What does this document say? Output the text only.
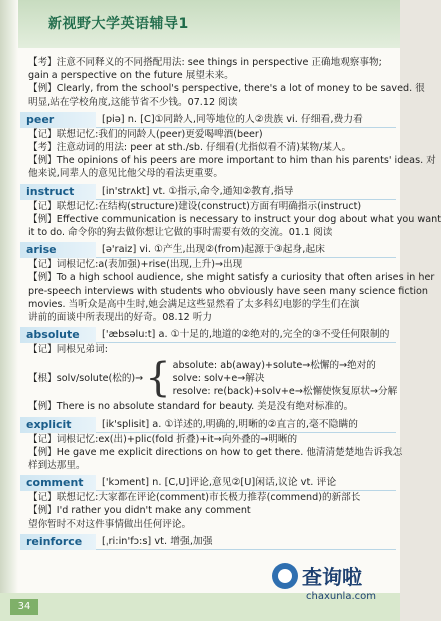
新视野大学英语辅导1
【考】注意不同释义的不同搭配用法: see things in perspective 正确地观察事物;
gain a perspective on the future 展望未来。
【例】Clearly, from the school's perspective, there's a lot of money to be saved. 很
明显,站在学校角度,这能节省不少钱。07.12 阅读
peer	[piə] n. [C]①同龄人,同等地位的人②贵族 vi. 仔细看,费力看
【记】联想记忆:我们的同龄人(peer)更爱喝啤酒(beer)
【考】注意动词的用法: peer at sth./sb. 仔细看(尤指似看不清)某物/某人。
【例】The opinions of his peers are more important to him than his parents' ideas. 对
他来说,同辈人的意见比他父母的看法更重要。
instruct	[in'strʌkt] vt. ①指示,命令,通知②教育,指导
【记】联想记忆:在结构(structure)建设(construct)方面有明确指示(instruct)
【例】Effective communication is necessary to instruct your dog about what you want
it to do. 命令你的狗去做你想让它做的事时需要有效的交流。01.1 阅读
arise	[ə'raiz] vi. ①产生,出现②(from)起源于③起身,起床
【记】词根记忆:a(表加强)+rise(出现,上升)→出现
【例】To a high school audience, she might satisfy a curiosity that often arises in her
pre-speech interviews with students who obviously have seen many science fiction
movies. 当听众是高中生时,她会满足这些显然看了太多科幻电影的学生们在演
讲前的面谈中所表现出的好奇。08.12 听力
absolute	['æbsəlu:t] a. ①十足的,地道的②绝对的,完全的③不受任何限制的
【记】同根兄弟词:
【根】solv/solute(松的)→ { absolute: ab(away)+solute→松懈的→绝对的
solve: solv+e→解决
resolve: re(back)+solv+e→松懈使恢复原状→分解
【例】There is no absolute standard for beauty. 美是没有绝对标准的。
explicit	[ik'splisit] a. ①详述的,明确的,明晰的②直言的,毫不隐瞒的
【记】词根记忆:ex(出)+plic(fold 折叠)+it→向外叠的→明晰的
【例】He gave me explicit directions on how to get there. 他清清楚楚地告诉我怎
样到达那里。
comment	['kɔment] n. [C,U]评论,意见②[U]闲话,议论 vt. 评论
【记】联想记忆:大家都在评论(comment)市长极力推荐(commend)的新部长
【例】I'd rather you didn't make any comment
望你暂时不对这件事情做出任何评论。
reinforce	[ˌri:in'fɔ:s] vt. 增强,加强
34
查询啦
chaxunla.com
